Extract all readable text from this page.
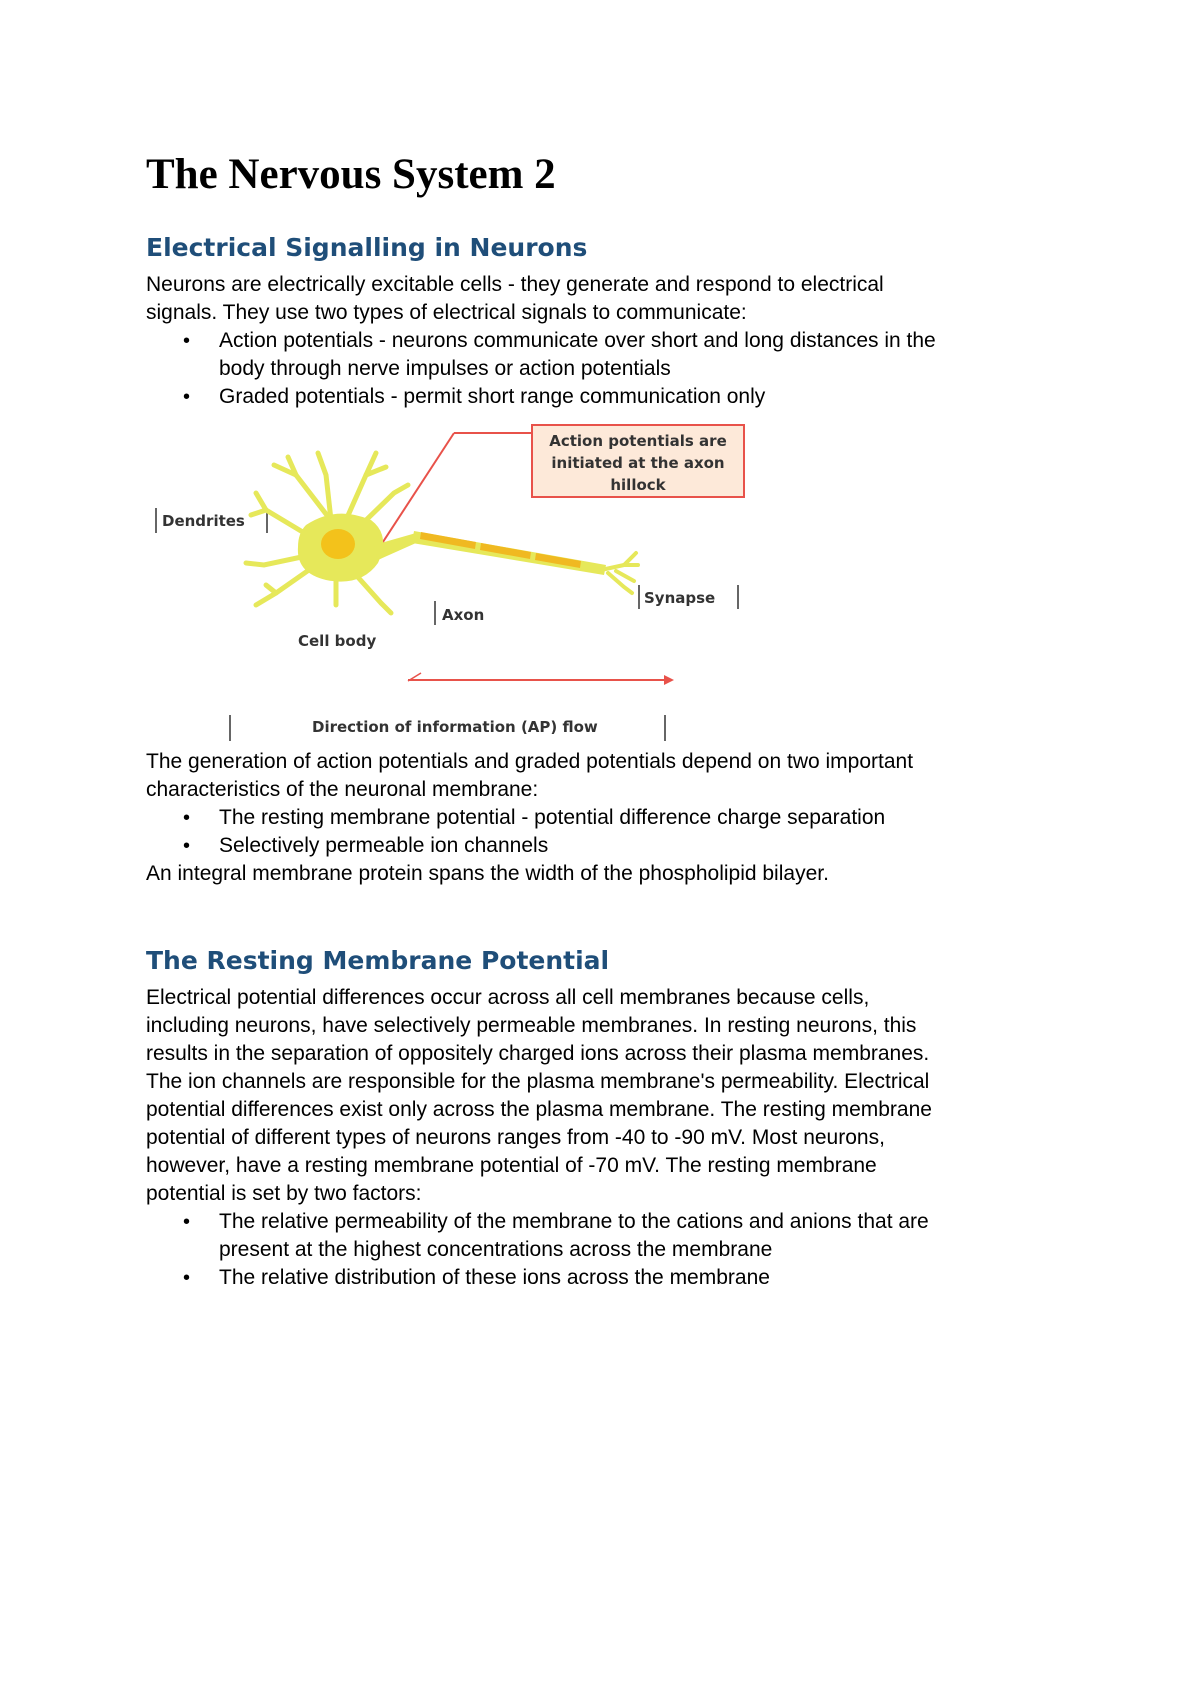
The Nervous System 2
Electrical Signalling in Neurons

Neurons are electrically excitable cells - they generate and respond to electrical

signals. They use two types of electrical signals to communicate:

• Action potentials - neurons communicate over short and long distances in the
body through nerve impulses or action potentials
• Graded potentials - permit short range communication only
Action potentials are
initiated at the axon
hillock
Dendrites
Cell body
Axon
Synapse
Direction of information (AP) flow

The generation of action potentials and graded potentials depend on two important

characteristics of the neuronal membrane:

• The resting membrane potential - potential difference charge separation
• Selectively permeable ion channels

An integral membrane protein spans the width of the phospholipid bilayer.

The Resting Membrane Potential

Electrical potential differences occur across all cell membranes because cells,

including neurons, have selectively permeable membranes. In resting neurons, this

results in the separation of oppositely charged ions across their plasma membranes.

The ion channels are responsible for the plasma membrane's permeability. Electrical

potential differences exist only across the plasma membrane. The resting membrane

potential of different types of neurons ranges from -40 to -90 mV. Most neurons,

however, have a resting membrane potential of -70 mV. The resting membrane

potential is set by two factors:

• The relative permeability of the membrane to the cations and anions that are
present at the highest concentrations across the membrane
• The relative distribution of these ions across the membrane
